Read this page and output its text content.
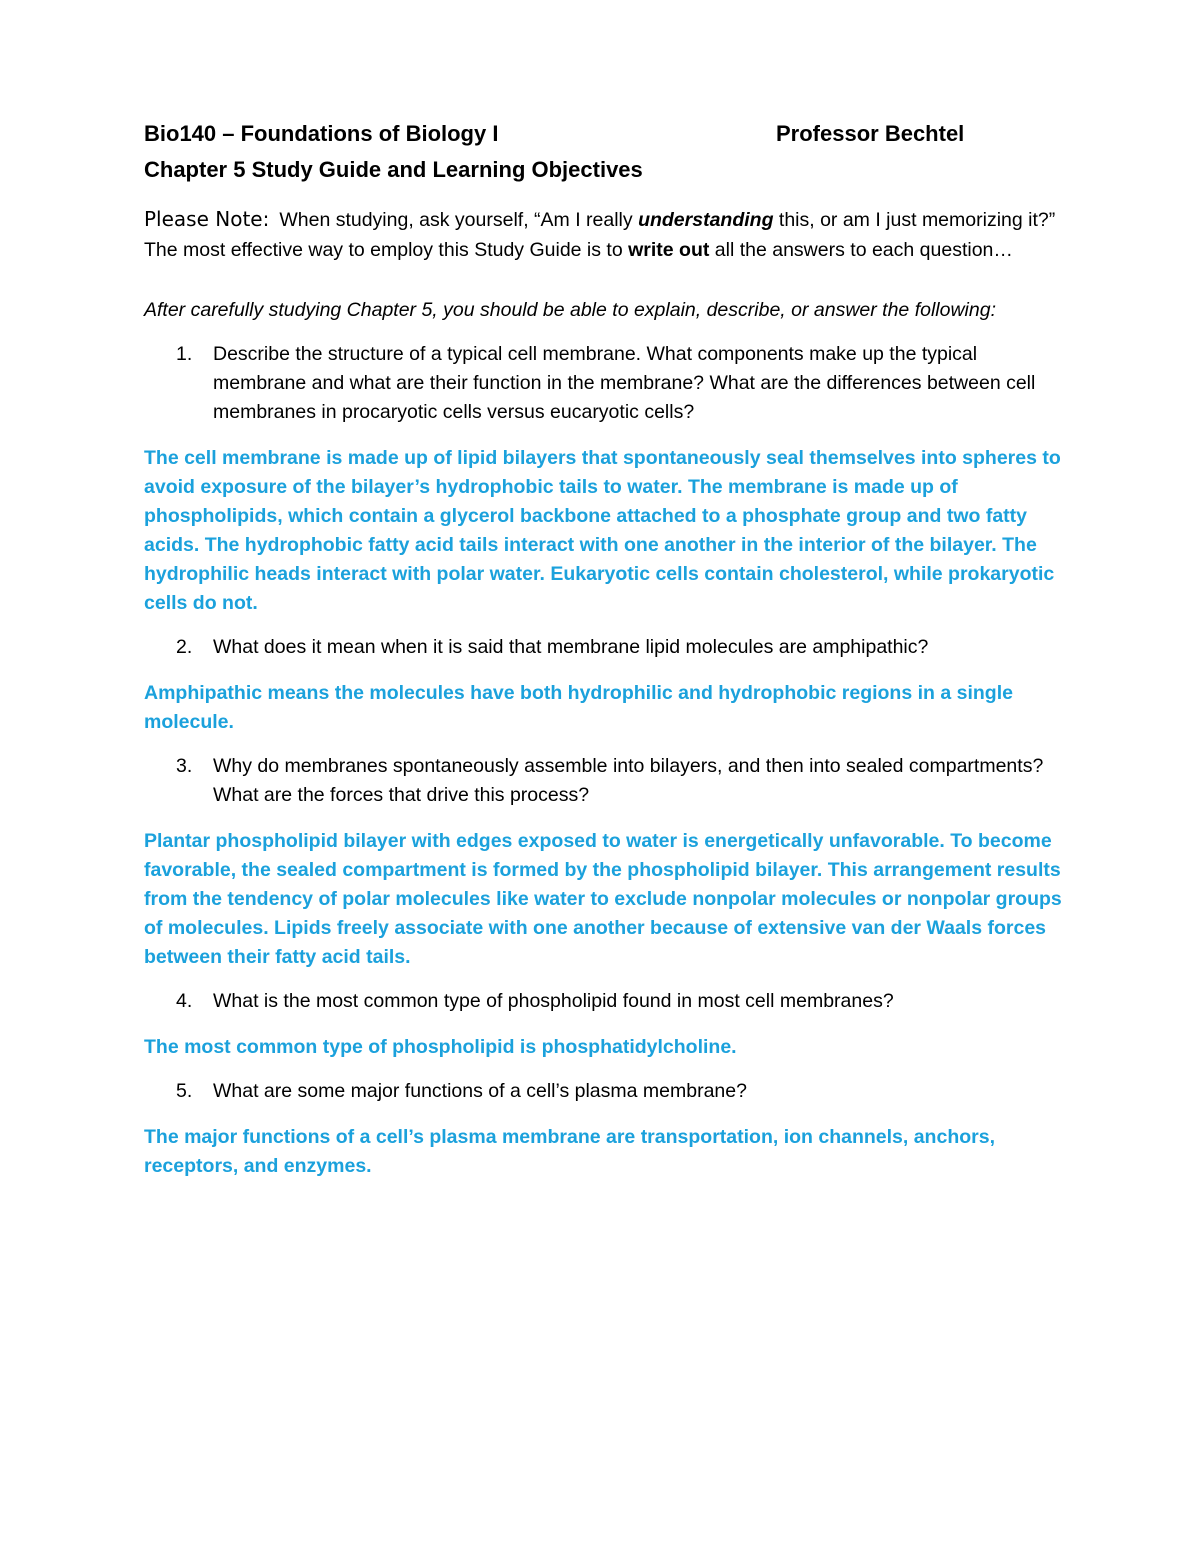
Bio140 – Foundations of Biology I	Professor Bechtel
Chapter 5 Study Guide and Learning Objectives
Please Note: When studying, ask yourself, “Am I really understanding this, or am I just memorizing it?” The most effective way to employ this Study Guide is to write out all the answers to each question…
After carefully studying Chapter 5, you should be able to explain, describe, or answer the following:
1. Describe the structure of a typical cell membrane. What components make up the typical membrane and what are their function in the membrane? What are the differences between cell membranes in procaryotic cells versus eucaryotic cells?
The cell membrane is made up of lipid bilayers that spontaneously seal themselves into spheres to avoid exposure of the bilayer’s hydrophobic tails to water. The membrane is made up of phospholipids, which contain a glycerol backbone attached to a phosphate group and two fatty acids. The hydrophobic fatty acid tails interact with one another in the interior of the bilayer. The hydrophilic heads interact with polar water. Eukaryotic cells contain cholesterol, while prokaryotic cells do not.
2. What does it mean when it is said that membrane lipid molecules are amphipathic?
Amphipathic means the molecules have both hydrophilic and hydrophobic regions in a single molecule.
3. Why do membranes spontaneously assemble into bilayers, and then into sealed compartments? What are the forces that drive this process?
Plantar phospholipid bilayer with edges exposed to water is energetically unfavorable. To become favorable, the sealed compartment is formed by the phospholipid bilayer. This arrangement results from the tendency of polar molecules like water to exclude nonpolar molecules or nonpolar groups of molecules. Lipids freely associate with one another because of extensive van der Waals forces between their fatty acid tails.
4. What is the most common type of phospholipid found in most cell membranes?
The most common type of phospholipid is phosphatidylcholine.
5. What are some major functions of a cell’s plasma membrane?
The major functions of a cell’s plasma membrane are transportation, ion channels, anchors, receptors, and enzymes.
